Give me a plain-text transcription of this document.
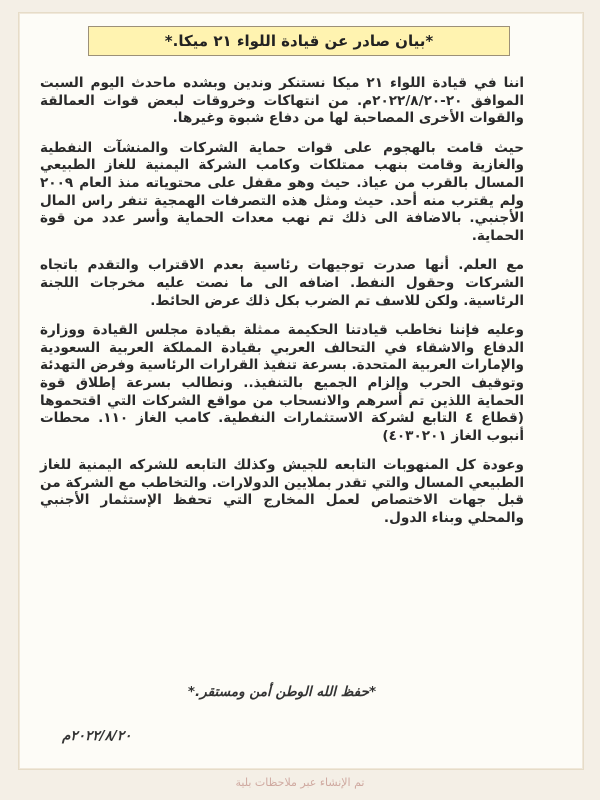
*بيان صادر عن قيادة اللواء ٢١ ميكا.*

اننا في قيادة اللواء ٢١ ميكا نستنكر وندين وبشده ماحدث اليوم السبت الموافق ٢٠-٢٠٢٢/٨/٢٠م. من انتهاكات وخروقات لبعض قوات العمالقة والقوات الأخرى المصاحبة لها من دفاع شبوة وغيرها.

حيث قامت بالهجوم على قوات حماية الشركات والمنشآت النفطية والغازية وقامت بنهب ممتلكات وكامب الشركة اليمنية للغاز الطبيعي المسال بالقرب من عياذ. حيث وهو مقفل على محتوياته منذ العام ٢٠٠٩ ولم يقترب منه أحد. حيث ومثل هذه التصرفات الهمجية تنفر راس المال الأجنبي. بالاضافة الى ذلك تم نهب معدات الحماية وأسر عدد من قوة الحماية.

مع العلم. أنها صدرت توجيهات رئاسية بعدم الاقتراب والتقدم باتجاه الشركات وحقول النفط. اضافه الى ما نصت عليه مخرجات اللجنة الرئاسية. ولكن للاسف تم الضرب بكل ذلك عرض الحائط.

وعليه فإننا نخاطب قيادتنا الحكيمة ممثلة بقيادة مجلس القيادة ووزارة الدفاع والاشقاء في التحالف العربي بقيادة المملكة العربية السعودية والإمارات العربية المتحدة. بسرعة تنفيذ القرارات الرئاسية وفرض التهدئة وتوقيف الحرب وإلزام الجميع بالتنفيذ.. ونطالب بسرعة إطلاق قوة الحماية اللذين تم أسرهم والانسحاب من مواقع الشركات التي اقتحموها (قطاع ٤ التابع لشركة الاستثمارات النفطية. كامب الغاز ١١٠. محطات أنبوب الغاز ٤٠٣٠٢٠١)

وعودة كل المنهوبات التابعه للجيش وكذلك التابعه للشركه اليمنية للغاز الطبيعي المسال والتي تقدر بملايين الدولارات. والتخاطب مع الشركة من قبل جهات الاختصاص لعمل المخارج التي تحفظ الإستثمار الأجنبي والمحلي وبناء الدول.

*حفظ الله الوطن أمن ومستقر.*
٢٠٢٢/٨/٢٠م
تم الإنشاء عبر ملاحظات بلية
